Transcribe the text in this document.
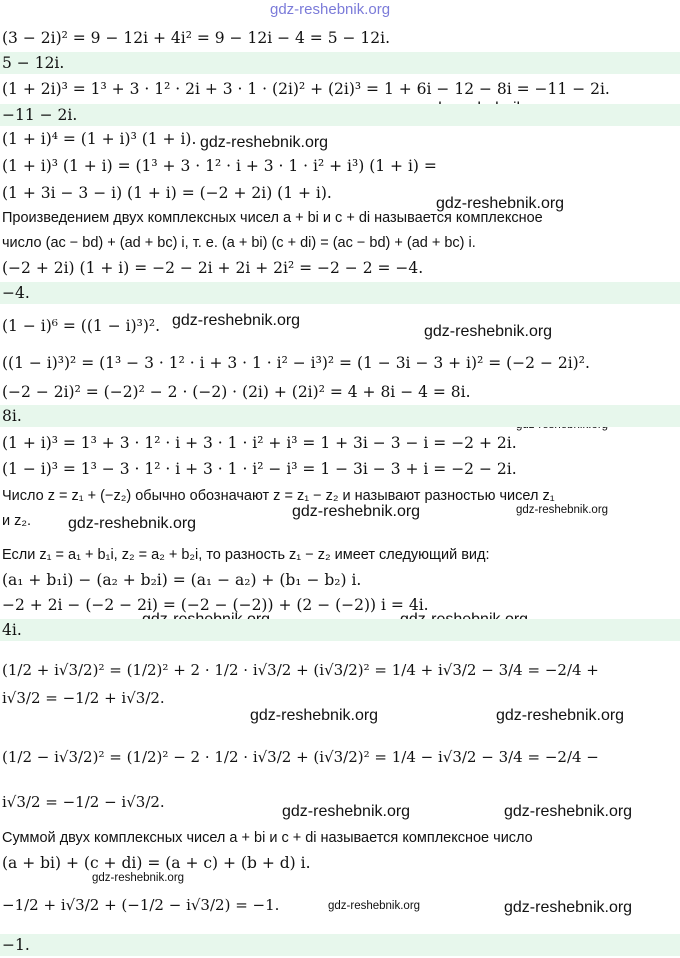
gdz-reshebnik.org
gdz-reshebnik.org
gdz-reshebnik.org
gdz-reshebnik.org
gdz-reshebnik.org
gdz-reshebnik.org
gdz-reshebnik.org
gdz-reshebnik.org
gdz-reshebnik.org	gdz-reshebnik.org
gdz-reshebnik.org	gdz-reshebnik.org
gdz-reshebnik.org
gdz-reshebnik.org	gdz-reshebnik.org
(3 − 2i)² = 9 − 12i + 4i² = 9 − 12i − 4 = 5 − 12i.
5 − 12i.
(1 + 2i)³ = 1³ + 3 · 1² · 2i + 3 · 1 · (2i)² + (2i)³ = 1 + 6i − 12 − 8i = −11 − 2i.
−11 − 2i.
(1 + i)⁴ = (1 + i)³ (1 + i).
(1 + i)³ (1 + i) = (1³ + 3 · 1² · i + 3 · 1 · i² + i³) (1 + i) =
(1 + 3i − 3 − i) (1 + i) = (−2 + 2i) (1 + i).
Произведением двух комплексных чисел a + bi и c + di называется комплексное
число (ac − bd) + (ad + bc) i, т. е. (a + bi) (c + di) = (ac − bd) + (ad + bc) i.
(−2 + 2i) (1 + i) = −2 − 2i + 2i + 2i² = −2 − 2 = −4.
−4.
(1 − i)⁶ = ((1 − i)³)².
((1 − i)³)² = (1³ − 3 · 1² · i + 3 · 1 · i² − i³)² = (1 − 3i − 3 + i)² = (−2 − 2i)².
(−2 − 2i)² = (−2)² − 2 · (−2) · (2i) + (2i)² = 4 + 8i − 4 = 8i.
8i.
(1 + i)³ = 1³ + 3 · 1² · i + 3 · 1 · i² + i³ = 1 + 3i − 3 − i = −2 + 2i.
(1 − i)³ = 1³ − 3 · 1² · i + 3 · 1 · i² − i³ = 1 − 3i − 3 + i = −2 − 2i.
Число z = z₁ + (−z₂) обычно обозначают z = z₁ − z₂ и называют разностью чисел z₁
и z₂.
Если z₁ = a₁ + b₁i, z₂ = a₂ + b₂i, то разность z₁ − z₂ имеет следующий вид:
(a₁ + b₁i) − (a₂ + b₂i) = (a₁ − a₂) + (b₁ − b₂) i.
−2 + 2i − (−2 − 2i) = (−2 − (−2)) + (2 − (−2)) i = 4i.
4i.
(1/2 + i√3/2)² = (1/2)² + 2 · 1/2 · i√3/2 + (i√3/2)² = 1/4 + i√3/2 − 3/4 = −2/4 +
i√3/2 = −1/2 + i√3/2.
(1/2 − i√3/2)² = (1/2)² − 2 · 1/2 · i√3/2 + (i√3/2)² = 1/4 − i√3/2 − 3/4 = −2/4 −
i√3/2 = −1/2 − i√3/2.
Суммой двух комплексных чисел a + bi и c + di называется комплексное число
(a + bi) + (c + di) = (a + c) + (b + d) i.
−1/2 + i√3/2 + (−1/2 − i√3/2) = −1.
−1.
